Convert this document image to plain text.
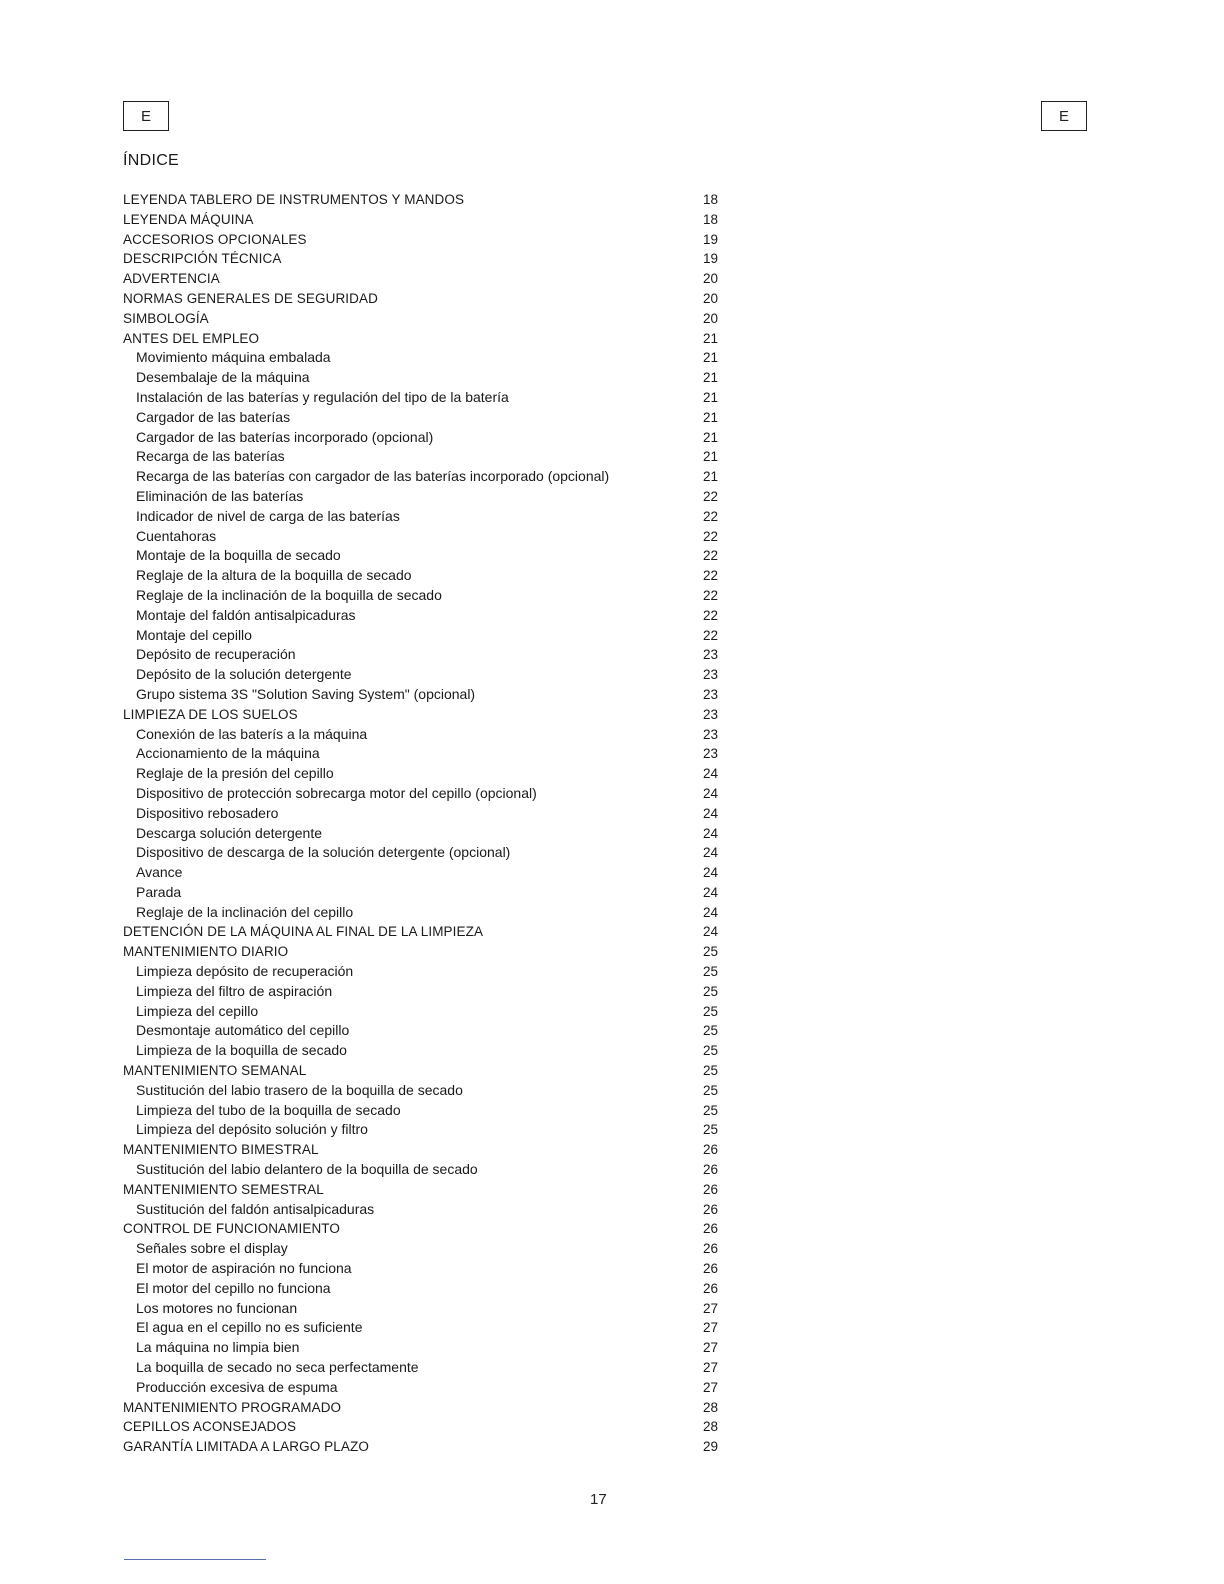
E	E
ÍNDICE
LEYENDA TABLERO DE INSTRUMENTOS Y MANDOS	18
LEYENDA MÁQUINA	18
ACCESORIOS OPCIONALES	19
DESCRIPCIÓN TÉCNICA	19
ADVERTENCIA	20
NORMAS GENERALES DE SEGURIDAD	20
SIMBOLOGÍA	20
ANTES DEL EMPLEO	21
Movimiento máquina embalada	21
Desembalaje de la máquina	21
Instalación de las baterías y regulación del tipo de la batería	21
Cargador de las baterías	21
Cargador de las baterías incorporado (opcional)	21
Recarga de las baterías	21
Recarga de las baterías con cargador de las baterías incorporado (opcional)	21
Eliminación de las baterías	22
Indicador de nivel de carga de las baterías	22
Cuentahoras	22
Montaje de la boquilla de secado	22
Reglaje de la altura de la boquilla de secado	22
Reglaje de la inclinación de la boquilla de secado	22
Montaje del faldón antisalpicaduras	22
Montaje del cepillo	22
Depósito de recuperación	23
Depósito de la solución detergente	23
Grupo sistema 3S "Solution Saving System" (opcional)	23
LIMPIEZA DE LOS SUELOS	23
Conexión de las baterís a la máquina	23
Accionamiento de la máquina	23
Reglaje de la presión del cepillo	24
Dispositivo de protección sobrecarga motor del cepillo (opcional)	24
Dispositivo rebosadero	24
Descarga solución detergente	24
Dispositivo de descarga de la solución detergente (opcional)	24
Avance	24
Parada	24
Reglaje de la inclinación del cepillo	24
DETENCIÓN DE LA MÁQUINA AL FINAL DE LA LIMPIEZA	24
MANTENIMIENTO DIARIO	25
Limpieza depósito de recuperación	25
Limpieza del filtro de aspiración	25
Limpieza del cepillo	25
Desmontaje automático del cepillo	25
Limpieza de la boquilla de secado	25
MANTENIMIENTO SEMANAL	25
Sustitución del labio trasero de la boquilla de secado	25
Limpieza del tubo de la boquilla de secado	25
Limpieza del depósito solución y filtro	25
MANTENIMIENTO BIMESTRAL	26
Sustitución del labio delantero de la boquilla de secado	26
MANTENIMIENTO SEMESTRAL	26
Sustitución del faldón antisalpicaduras	26
CONTROL DE FUNCIONAMIENTO	26
Señales sobre el display	26
El motor de aspiración no funciona	26
El motor del cepillo no funciona	26
Los motores no funcionan	27
El agua en el cepillo no es suficiente	27
La máquina no limpia bien	27
La boquilla de secado no seca perfectamente	27
Producción excesiva de espuma	27
MANTENIMIENTO PROGRAMADO	28
CEPILLOS ACONSEJADOS	28
GARANTÍA LIMITADA A LARGO PLAZO	29
17
